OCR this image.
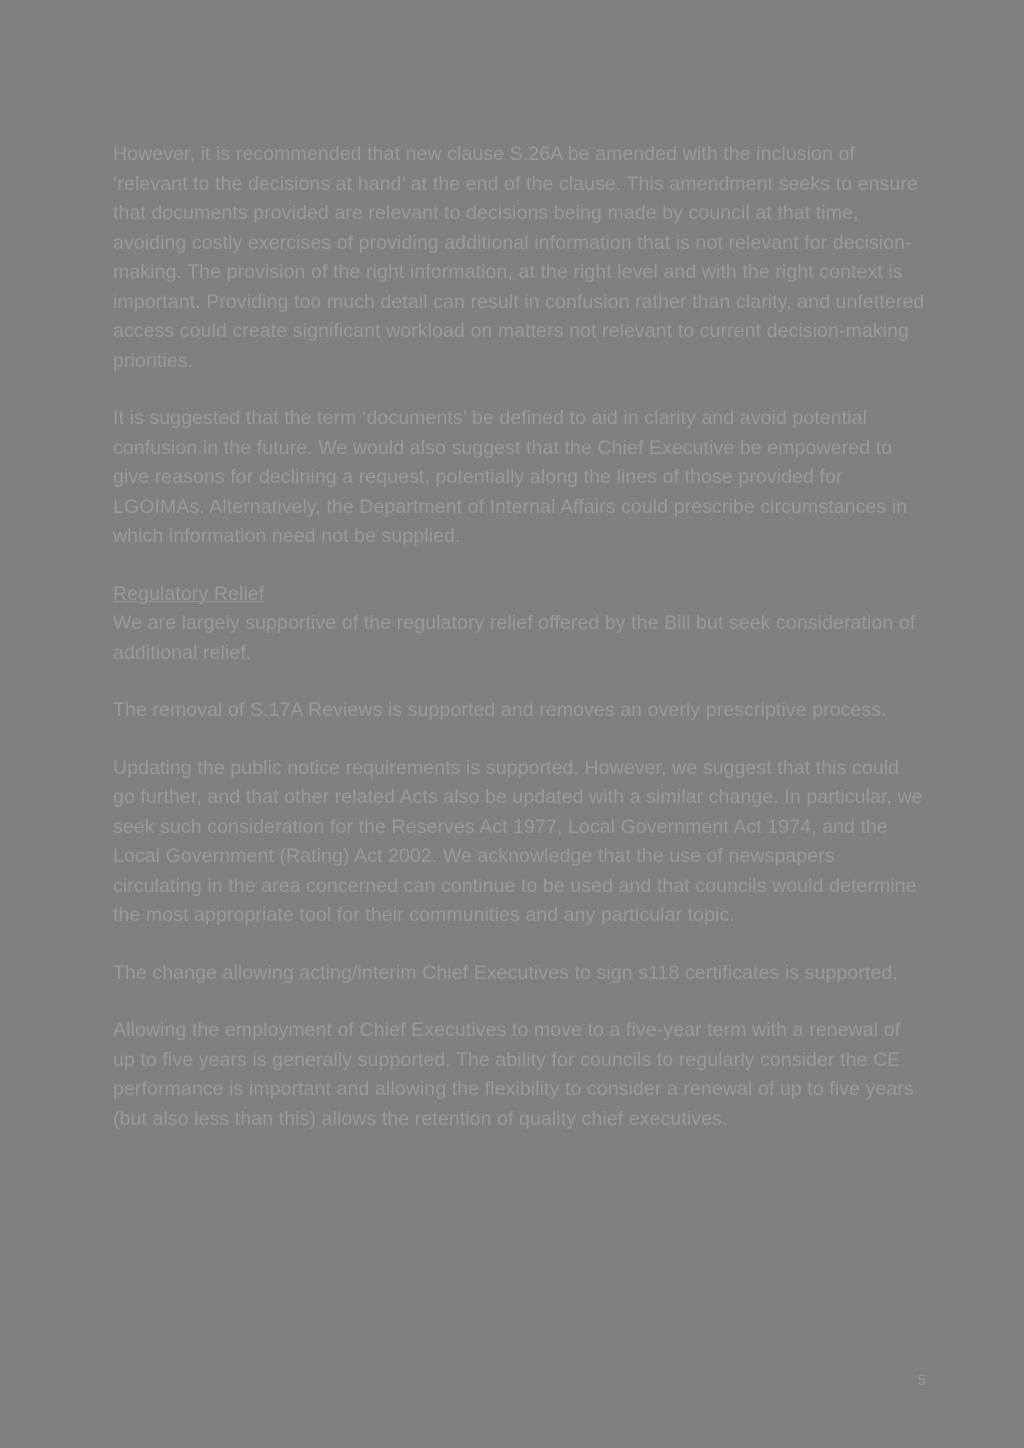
However, it is recommended that new clause S.26A be amended with the inclusion of ‘relevant to the decisions at hand’ at the end of the clause. This amendment seeks to ensure that documents provided are relevant to decisions being made by council at that time, avoiding costly exercises of providing additional information that is not relevant for decision-making. The provision of the right information, at the right level and with the right context is important. Providing too much detail can result in confusion rather than clarity, and unfettered access could create significant workload on matters not relevant to current decision-making priorities.

It is suggested that the term ‘documents’ be defined to aid in clarity and avoid potential confusion in the future. We would also suggest that the Chief Executive be empowered to give reasons for declining a request, potentially along the lines of those provided for LGOIMAs. Alternatively, the Department of Internal Affairs could prescribe circumstances in which information need not be supplied.

Regulatory Relief

We are largely supportive of the regulatory relief offered by the Bill but seek consideration of additional relief.

The removal of S.17A Reviews is supported and removes an overly prescriptive process.

Updating the public notice requirements is supported. However, we suggest that this could go further, and that other related Acts also be updated with a similar change. In particular, we seek such consideration for the Reserves Act 1977, Local Government Act 1974, and the Local Government (Rating) Act 2002. We acknowledge that the use of newspapers circulating in the area concerned can continue to be used and that councils would determine the most appropriate tool for their communities and any particular topic.

The change allowing acting/interim Chief Executives to sign s118 certificates is supported.

Allowing the employment of Chief Executives to move to a five-year term with a renewal of up to five years is generally supported. The ability for councils to regularly consider the CE performance is important and allowing the flexibility to consider a renewal of up to five years (but also less than this) allows the retention of quality chief executives.

5
